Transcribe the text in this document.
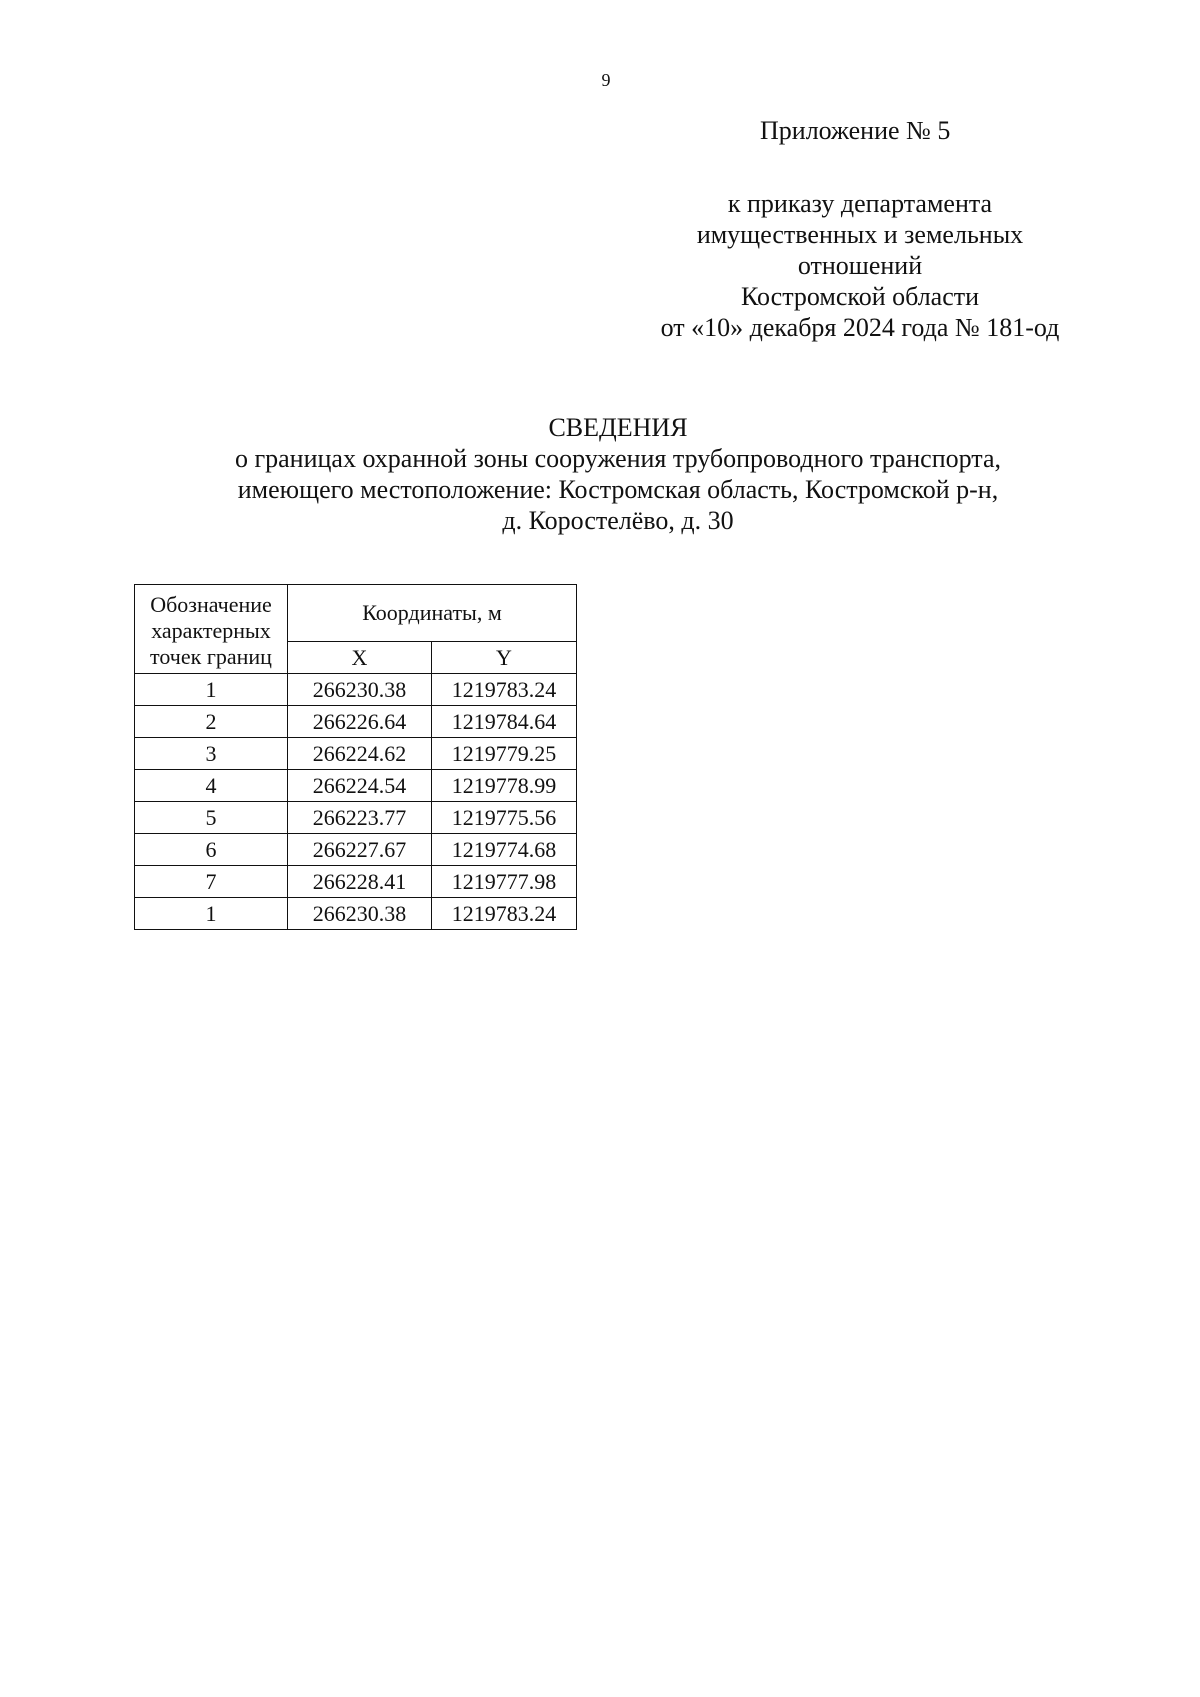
9
Приложение № 5
к приказу департамента
имущественных и земельных
отношений
Костромской области
от «10» декабря 2024 года № 181-од
СВЕДЕНИЯ
о границах охранной зоны сооружения трубопроводного транспорта,
имеющего местоположение: Костромская область, Костромской р-н,
д. Коростелёво, д. 30
Обозначение
характерных
точек границ	Координаты, м	
	X	Y
1	266230.38	1219783.24
2	266226.64	1219784.64
3	266224.62	1219779.25
4	266224.54	1219778.99
5	266223.77	1219775.56
6	266227.67	1219774.68
7	266228.41	1219777.98
1	266230.38	1219783.24
